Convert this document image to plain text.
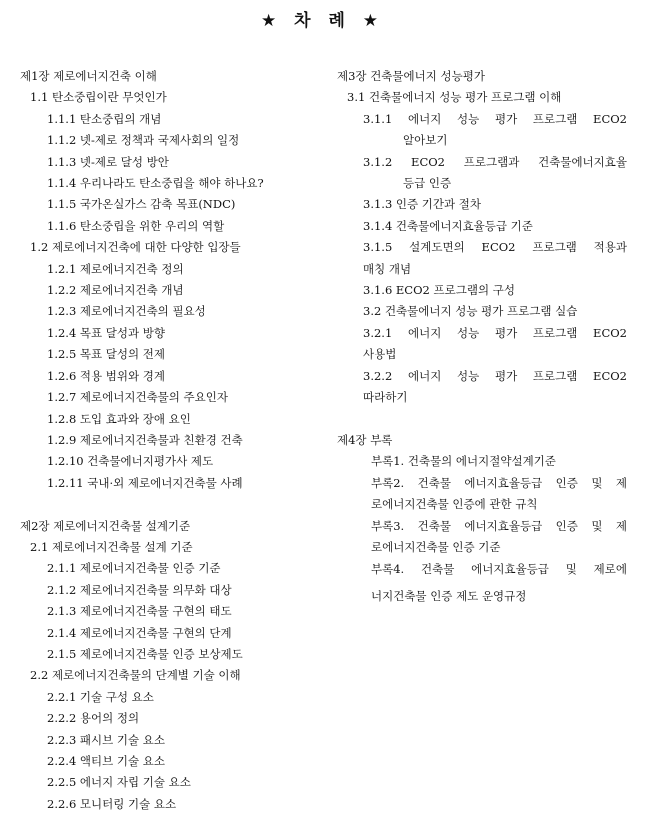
★ 차 례 ★
제1장 제로에너지건축 이해
1.1 탄소중립이란 무엇인가
1.1.1 탄소중립의 개념
1.1.2 넷-제로 정책과 국제사회의 일정
1.1.3 넷-제로 달성 방안
1.1.4 우리나라도 탄소중립을 해야 하나요?
1.1.5 국가온실가스 감축 목표(NDC)
1.1.6 탄소중립을 위한 우리의 역할
1.2 제로에너지건축에 대한 다양한 입장들
1.2.1 제로에너지건축 정의
1.2.2 제로에너지건축 개념
1.2.3 제로에너지건축의 필요성
1.2.4 목표 달성과 방향
1.2.5 목표 달성의 전제
1.2.6 적용 범위와 경계
1.2.7 제로에너지건축물의 주요인자
1.2.8 도입 효과와 장애 요인
1.2.9 제로에너지건축물과 친환경 건축
1.2.10 건축물에너지평가사 제도
1.2.11 국내·외 제로에너지건축물 사례
제2장 제로에너지건축물 설계기준
2.1 제로에너지건축물 설계 기준
2.1.1 제로에너지건축물 인증 기준
2.1.2 제로에너지건축물 의무화 대상
2.1.3 제로에너지건축물 구현의 태도
2.1.4 제로에너지건축물 구현의 단계
2.1.5 제로에너지건축물 인증 보상제도
2.2 제로에너지건축물의 단계별 기술 이해
2.2.1 기술 구성 요소
2.2.2 용어의 정의
2.2.3 패시브 기술 요소
2.2.4 액티브 기술 요소
2.2.5 에너지 자립 기술 요소
2.2.6 모니터링 기술 요소
제3장 건축물에너지 성능평가
3.1 건축물에너지 성능 평가 프로그램 이해
3.1.1 에너지 성능 평가 프로그램 ECO2
알아보기
3.1.2 ECO2 프로그램과 건축물에너지효율
등급 인증
3.1.3 인증 기간과 절차
3.1.4 건축물에너지효율등급 기준
3.1.5 설계도면의 ECO2 프로그램 적용과
매칭 개념
3.1.6 ECO2 프로그램의 구성
3.2 건축물에너지 성능 평가 프로그램 실습
3.2.1 에너지 성능 평가 프로그램 ECO2
사용법
3.2.2 에너지 성능 평가 프로그램 ECO2
따라하기
제4장 부록
부록1. 건축물의 에너지절약설계기준
부록2. 건축물 에너지효율등급 인증 및 제
로에너지건축물 인증에 관한 규칙
부록3. 건축물 에너지효율등급 인증 및 제
로에너지건축물 인증 기준
부록4. 건축물 에너지효율등급 및 제로에
너지건축물 인증 제도 운영규정
